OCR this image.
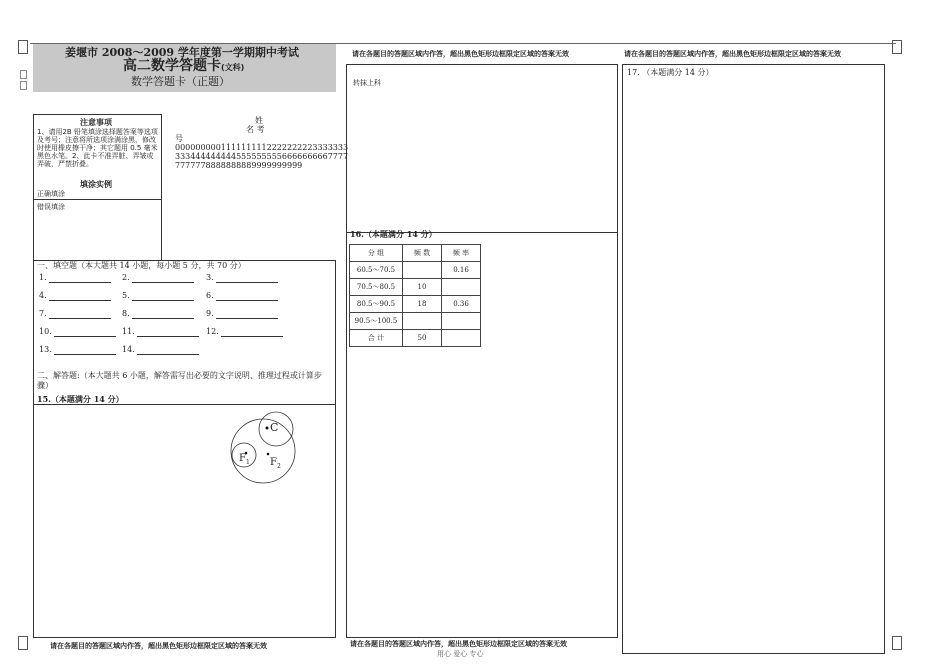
姜堰市 2008～2009 学年度第一学期期中考试
高二数学答题卡(文科)
数学答题卡（正题）
请在各题目的答题区域内作答，超出黑色矩形边框限定区域的答案无效	请在各题目的答题区域内作答，超出黑色矩形边框限定区域的答案无效
注意事项
1、请用2B 铅笔填涂选择题答案等选项及考号；注意将所选项涂满涂黑，修改时使用橡皮擦干净；其它题用 0.5 毫米黑色水笔。2、此卡不准弄脏、弄皱或弄破，严禁折叠。
填涂实例
正确填涂
错误填涂
姓
名 考
号
0000000001111111112222222223333333
3334444444445555555556666666667777
7777778888888889999999999
一、填空题（本大题共 14 小题，每小题 5 分，共 70 分）
1.	2.	3.
4.	5.	6.
7.	8.	9.
10.	11.	12.
13.	14.
二、解答题:（本大题共 6 小题，解答需写出必要的文字说明、推理过程或计算步骤）
15.（本题满分 14 分）
C
$F_1$ $F_2$
转抹上科
16.（本题满分 14 分）
分 组	频 数	频 率
60.5～70.5		0.16
70.5～80.5	10	
80.5～90.5	18	0.36
90.5～100.5		
合 计	50	
17. （本题满分 14 分）
请在各题目的答题区域内作答，超出黑色矩形边框限定区域的答案无效	请在各题目的答题区域内作答，超出黑色矩形边框限定区域的答案无效
用心 爱心 专心
